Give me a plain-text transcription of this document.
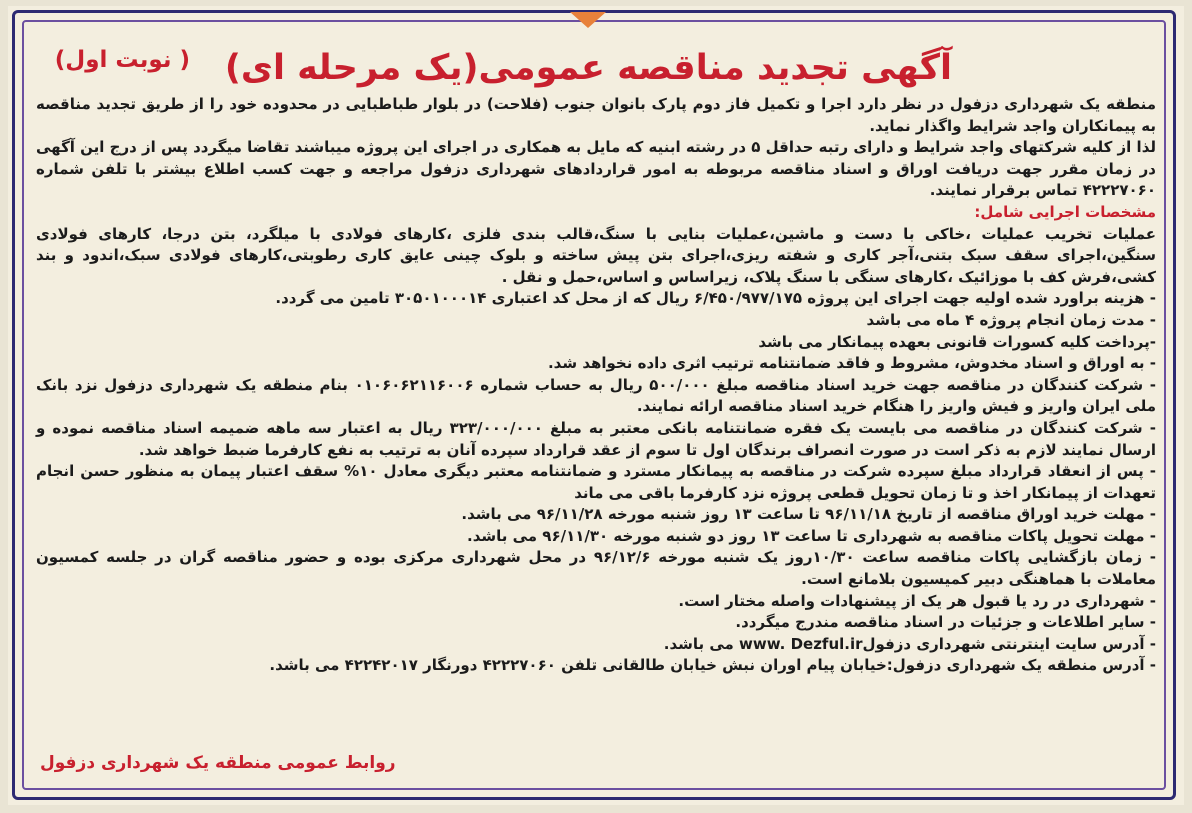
آگهی تجدید مناقصه عمومی(یک مرحله ای)
( نوبت اول)

منطقه یک شهرداری دزفول در نظر دارد اجرا و تکمیل فاز دوم پارک بانوان جنوب (فلاحت) در بلوار طباطبایی در محدوده خود را از طریق تجدید مناقصه به پیمانکاران واجد شرایط واگذار نماید.

لذا از کلیه شرکتهای واجد شرایط و دارای رتبه حداقل ۵ در رشته ابنیه که مایل به همکاری در اجرای این پروژه میباشند تقاضا میگردد پس از درج این آگهی در زمان مقرر جهت دریافت اوراق و اسناد مناقصه مربوطه به امور قراردادهای شهرداری دزفول مراجعه و جهت کسب اطلاع بیشتر با تلفن شماره ۴۲۲۲۷۰۶۰ تماس برقرار نمایند.

مشخصات اجرایی شامل:

عملیات تخریب عملیات ،خاکی با دست و ماشین،عملیات بنایی با سنگ،قالب بندی فلزی ،کارهای فولادی با میلگرد، بتن درجا، کارهای فولادی سنگین،اجرای سقف سبک بتنی،آجر کاری و شفته ریزی،اجرای بتن پیش ساخته و بلوک چینی عایق کاری رطوبتی،کارهای فولادی سبک،اندود و بند کشی،فرش کف با موزائیک ،کارهای سنگی با سنگ پلاک، زیراساس و اساس،حمل و نقل .

- هزینه براورد شده اولیه جهت اجرای این پروژه ۶/۴۵۰/۹۷۷/۱۷۵ ریال که از محل کد اعتباری ۳۰۵۰۱۰۰۰۱۴ تامین می گردد.
- مدت زمان انجام پروژه ۴ ماه می باشد
-پرداخت کلیه کسورات قانونی بعهده پیمانکار می باشد
- به اوراق و اسناد مخدوش، مشروط و فاقد ضمانتنامه ترتیب اثری داده نخواهد شد.
- شرکت کنندگان در مناقصه جهت خرید اسناد مناقصه مبلغ ۵۰۰/۰۰۰ ریال به حساب شماره ۰۱۰۶۰۶۲۱۱۶۰۰۶ بنام منطقه یک شهرداری دزفول نزد بانک ملی ایران واریز و فیش واریز را هنگام خرید اسناد مناقصه ارائه نمایند.
- شرکت کنندگان در مناقصه می بایست یک فقره ضمانتنامه بانکی معتبر به مبلغ ۳۲۳/۰۰۰/۰۰۰ ریال به اعتبار سه ماهه ضمیمه اسناد مناقصه نموده و ارسال نمایند لازم به ذکر است در صورت انصراف برندگان اول تا سوم از عقد قرارداد سپرده آنان به ترتیب به نفع کارفرما ضبط خواهد شد.
- پس از انعقاد قرارداد مبلغ سپرده شرکت در مناقصه به پیمانکار مسترد و ضمانتنامه معتبر دیگری معادل ۱۰% سقف اعتبار پیمان به منظور حسن انجام تعهدات از پیمانکار اخذ و تا زمان تحویل قطعی پروژه نزد کارفرما باقی می ماند
- مهلت خرید اوراق مناقصه از تاریخ ۹۶/۱۱/۱۸ تا ساعت ۱۳ روز شنبه مورخه ۹۶/۱۱/۲۸ می باشد.
- مهلت تحویل پاکات مناقصه به شهرداری تا ساعت ۱۳ روز دو شنبه مورخه ۹۶/۱۱/۳۰ می باشد.
- زمان بازگشایی پاکات مناقصه ساعت ۱۰/۳۰روز یک شنبه مورخه ۹۶/۱۲/۶ در محل شهرداری مرکزی بوده و حضور مناقصه گران در جلسه کمسیون معاملات با هماهنگی دبیر کمیسیون بلامانع است.
- شهرداری در رد یا قبول هر یک از پیشنهادات واصله مختار است.
- سایر اطلاعات و جزئیات در اسناد مناقصه مندرج میگردد.
- آدرس سایت اینترنتی شهرداری دزفولwww. Dezful.ir می باشد.
- آدرس منطقه یک شهرداری دزفول:خیابان پیام اوران نبش خیابان طالقانی تلفن ۴۲۲۲۷۰۶۰ دورنگار ۴۲۲۴۲۰۱۷ می باشد.
روابط عمومی منطقه یک شهرداری دزفول
